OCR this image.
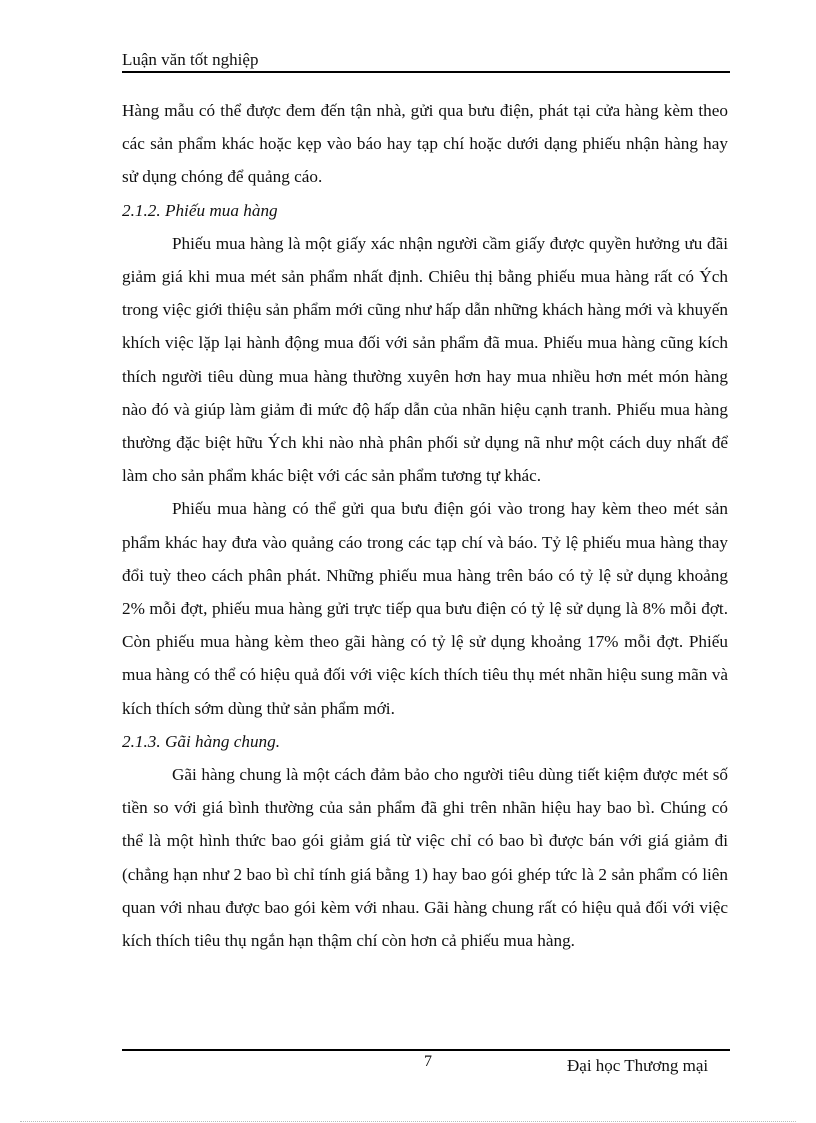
Luận văn tốt nghiệp

Hàng mẫu có thể được đem đến tận nhà, gửi qua bưu điện, phát tại cửa hàng kèm theo các sản phẩm khác hoặc kẹp vào báo hay tạp chí hoặc dưới dạng phiếu nhận hàng hay sử dụng chóng để quảng cáo.

2.1.2. Phiếu mua hàng

Phiếu mua hàng là một giấy xác nhận người cầm giấy được quyền hưởng ưu đãi giảm giá khi mua mét sản phẩm nhất định. Chiêu thị bằng phiếu mua hàng rất có Ých trong việc giới thiệu sản phẩm mới cũng như hấp dẫn những khách hàng mới và khuyến khích việc lặp lại hành động mua đối với sản phẩm đã mua. Phiếu mua hàng cũng kích thích người tiêu dùng mua hàng thường xuyên hơn hay mua nhiều hơn mét món hàng nào đó và giúp làm giảm đi mức độ hấp dẫn của nhãn hiệu cạnh tranh. Phiếu mua hàng thường đặc biệt hữu Ých khi nào nhà phân phối sử dụng nã như một cách duy nhất để làm cho sản phẩm khác biệt với các sản phẩm tương tự khác.

Phiếu mua hàng có thể gửi qua bưu điện gói vào trong hay kèm theo mét sản phẩm khác hay đưa vào quảng cáo trong các tạp chí và báo. Tỷ lệ phiếu mua hàng thay đổi tuỳ theo cách phân phát. Những phiếu mua hàng trên báo có tỷ lệ sử dụng khoảng 2% mỗi đợt, phiếu mua hàng gửi trực tiếp qua bưu điện có tỷ lệ sử dụng là 8% mỗi đợt. Còn phiếu mua hàng kèm theo gãi hàng có tỷ lệ sử dụng khoảng 17% mỗi đợt. Phiếu mua hàng có thể có hiệu quả đối với việc kích thích tiêu thụ mét nhãn hiệu sung mãn và kích thích sớm dùng thử sản phẩm mới.

2.1.3. Gãi hàng chung.

Gãi hàng chung là một cách đảm bảo cho người tiêu dùng tiết kiệm được mét số tiền so với giá bình thường của sản phẩm đã ghi trên nhãn hiệu hay bao bì. Chúng có thể là một hình thức bao gói giảm giá từ việc chỉ có bao bì được bán với giá giảm đi (chẳng hạn như 2 bao bì chỉ tính giá bằng 1) hay bao gói ghép tức là 2 sản phẩm có liên quan với nhau được bao gói kèm với nhau. Gãi hàng chung rất có hiệu quả đối với việc kích thích tiêu thụ ngắn hạn thậm chí còn hơn cả phiếu mua hàng.

7	Đại học Thương mại
